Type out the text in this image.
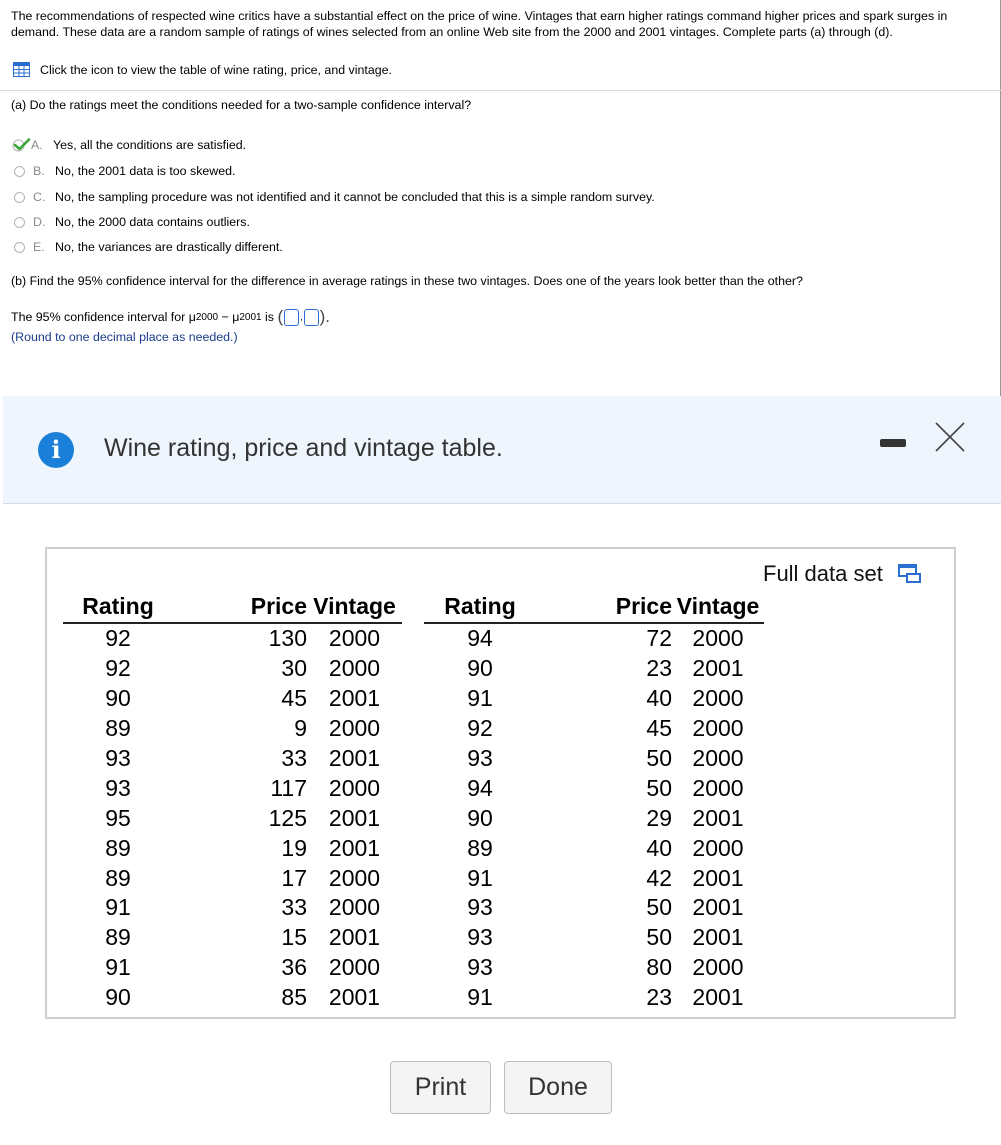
The recommendations of respected wine critics have a substantial effect on the price of wine. Vintages that earn higher ratings command higher prices and spark surges in demand. These data are a random sample of ratings of wines selected from an online Web site from the 2000 and 2001 vintages. Complete parts (a) through (d).
Click the icon to view the table of wine rating, price, and vintage.
(a) Do the ratings meet the conditions needed for a two-sample confidence interval?
A. Yes, all the conditions are satisfied.
B. No, the 2001 data is too skewed.
C. No, the sampling procedure was not identified and it cannot be concluded that this is a simple random survey.
D. No, the 2000 data contains outliers.
E. No, the variances are drastically different.
(b) Find the 95% confidence interval for the difference in average ratings in these two vintages. Does one of the years look better than the other?
The 95% confidence interval for μ 2000 − μ 2001 is ( , ).
(Round to one decimal place as needed.)
i	Wine rating, price and vintage table.
Full data set
Rating		Price	Vintage
92		130	2000
92		30	2000
90		45	2001
89		9	2000
93		33	2001
93		117	2000
95		125	2001
89		19	2001
89		17	2000
91		33	2000
89		15	2001
91		36	2000
90		85	2001
Rating		Price	Vintage
94		72	2000
90		23	2001
91		40	2000
92		45	2000
93		50	2000
94		50	2000
90		29	2001
89		40	2000
91		42	2001
93		50	2001
93		50	2001
93		80	2000
91		23	2001
Print	Done
